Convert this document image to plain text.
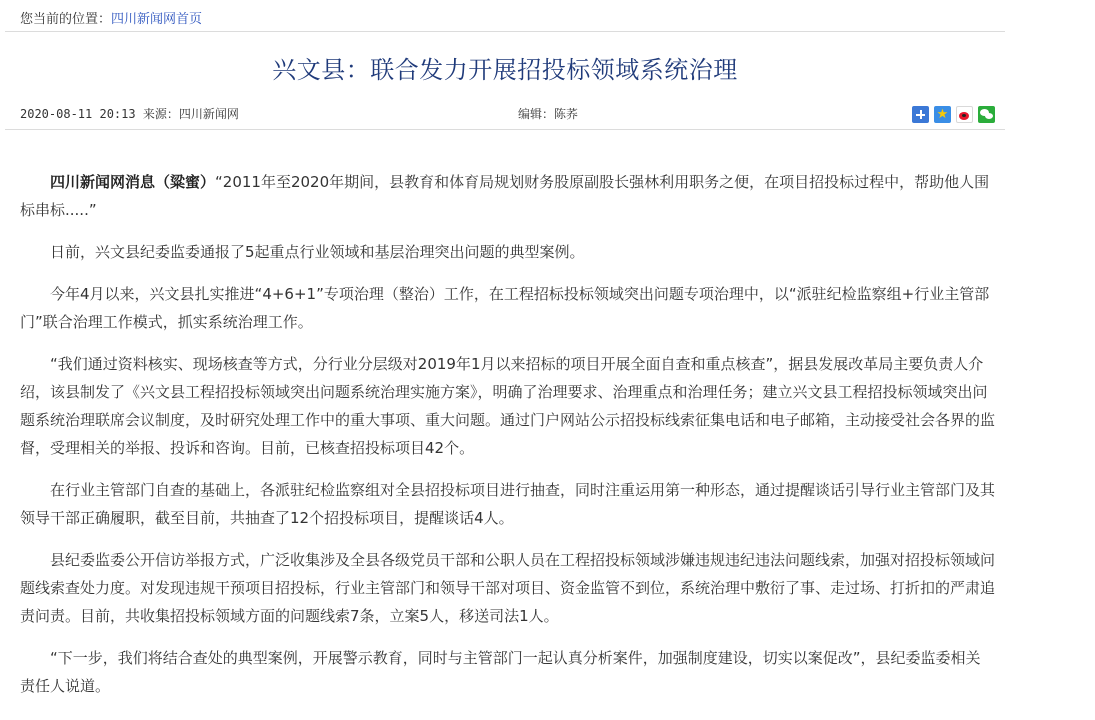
您当前的位置：四川新闻网首页
兴文县：联合发力开展招投标领域系统治理
2020-08-11 20:13 来源：四川新闻网	编辑：陈荞	★

四川新闻网消息（粱蜜）“2011年至2020年期间，县教育和体育局规划财务股原副股长强林利用职务之便，在项目招投标过程中，帮助他人围标串标.....”

日前，兴文县纪委监委通报了5起重点行业领域和基层治理突出问题的典型案例。

今年4月以来，兴文县扎实推进“4+6+1”专项治理（整治）工作，在工程招标投标领域突出问题专项治理中，以“派驻纪检监察组+行业主管部门”联合治理工作模式，抓实系统治理工作。

“我们通过资料核实、现场核查等方式，分行业分层级对2019年1月以来招标的项目开展全面自查和重点核查”，据县发展改革局主要负责人介绍，该县制发了《兴文县工程招投标领域突出问题系统治理实施方案》，明确了治理要求、治理重点和治理任务；建立兴文县工程招投标领域突出问题系统治理联席会议制度，及时研究处理工作中的重大事项、重大问题。通过门户网站公示招投标线索征集电话和电子邮箱，主动接受社会各界的监督，受理相关的举报、投诉和咨询。目前，已核查招投标项目42个。

在行业主管部门自查的基础上，各派驻纪检监察组对全县招投标项目进行抽查，同时注重运用第一种形态，通过提醒谈话引导行业主管部门及其领导干部正确履职，截至目前，共抽查了12个招投标项目，提醒谈话4人。

县纪委监委公开信访举报方式，广泛收集涉及全县各级党员干部和公职人员在工程招投标领域涉嫌违规违纪违法问题线索，加强对招投标领域问题线索查处力度。对发现违规干预项目招投标，行业主管部门和领导干部对项目、资金监管不到位，系统治理中敷衍了事、走过场、打折扣的严肃追责问责。目前，共收集招投标领域方面的问题线索7条，立案5人，移送司法1人。

“下一步，我们将结合查处的典型案例，开展警示教育，同时与主管部门一起认真分析案件，加强制度建设，切实以案促改”，县纪委监委相关责任人说道。
